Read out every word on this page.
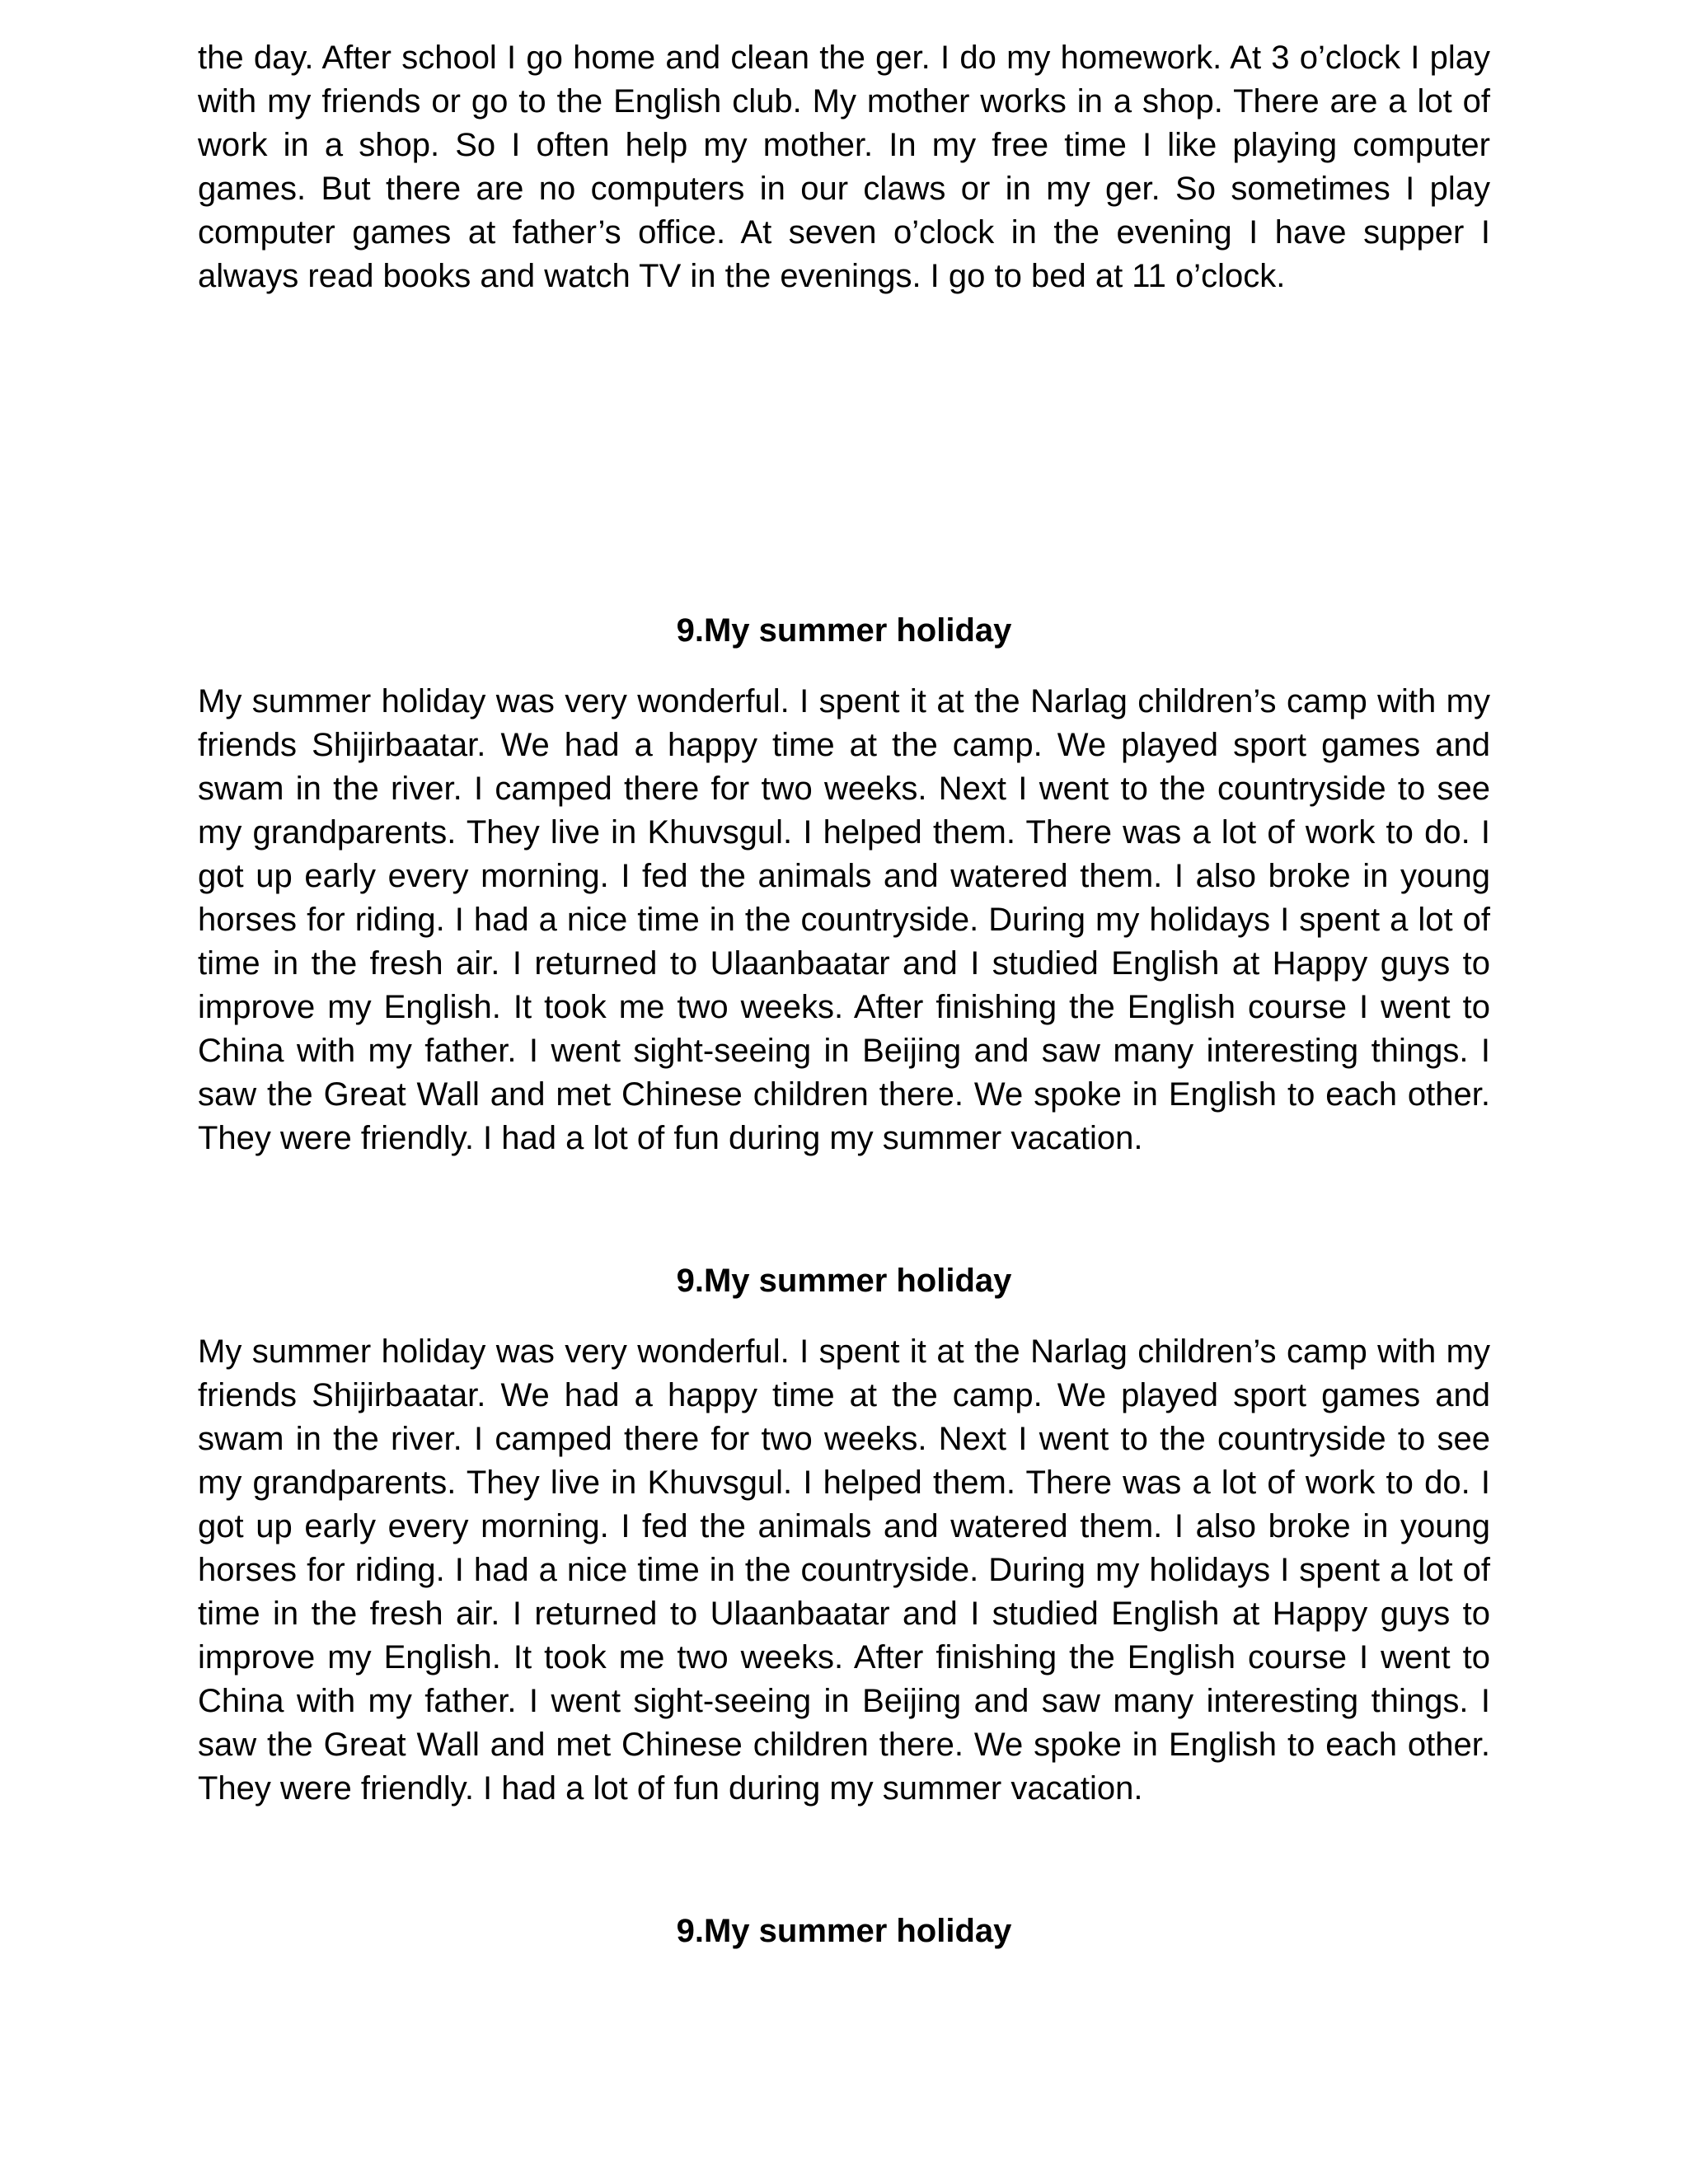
the day. After school I go home and clean the ger. I do my homework. At 3 o’clock I play with my friends or go to the English club. My mother works in a shop. There are a lot of work in a shop. So I often help my mother. In my free time I like playing computer games. But there are no computers in our claws or in my ger. So sometimes I play computer games at father’s office. At seven o’clock in the evening I have supper I always read books and watch TV in the evenings. I go to bed at 11 o’clock.

9.My summer holiday

My summer holiday was very wonderful. I spent it at the Narlag children’s camp with my friends Shijirbaatar. We had a happy time at the camp. We played sport games and swam in the river. I camped there for two weeks. Next I went to the countryside to see my grandparents. They live in Khuvsgul. I helped them. There was a lot of work to do. I got up early every morning. I fed the animals and watered them. I also broke in young horses for riding. I had a nice time in the countryside. During my holidays I spent a lot of time in the fresh air. I returned to Ulaanbaatar and I studied English at Happy guys to improve my English. It took me two weeks. After finishing the English course I went to China with my father. I went sight-seeing in Beijing and saw many interesting things. I saw the Great Wall and met Chinese children there. We spoke in English to each other. They were friendly. I had a lot of fun during my summer vacation.

9.My summer holiday

My summer holiday was very wonderful. I spent it at the Narlag children’s camp with my friends Shijirbaatar. We had a happy time at the camp. We played sport games and swam in the river. I camped there for two weeks. Next I went to the countryside to see my grandparents. They live in Khuvsgul. I helped them. There was a lot of work to do. I got up early every morning. I fed the animals and watered them. I also broke in young horses for riding. I had a nice time in the countryside. During my holidays I spent a lot of time in the fresh air. I returned to Ulaanbaatar and I studied English at Happy guys to improve my English. It took me two weeks. After finishing the English course I went to China with my father. I went sight-seeing in Beijing and saw many interesting things. I saw the Great Wall and met Chinese children there. We spoke in English to each other. They were friendly. I had a lot of fun during my summer vacation.

9.My summer holiday
